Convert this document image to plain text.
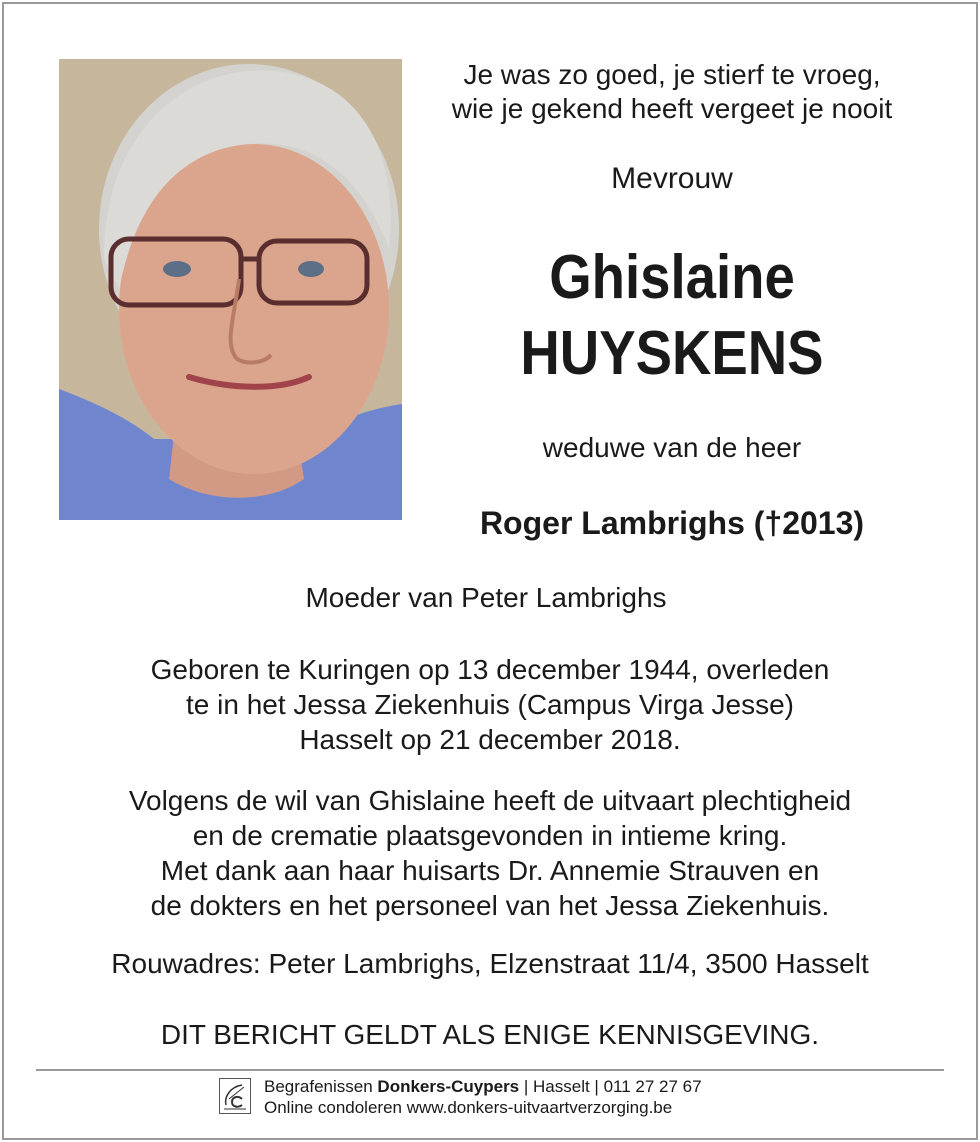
Je was zo goed, je stierf te vroeg,
wie je gekend heeft vergeet je nooit
Mevrouw
Ghislaine
HUYSKENS
weduwe van de heer
Roger Lambrighs (†2013)
Moeder van Peter Lambrighs
Geboren te Kuringen op 13 december 1944, overleden
te in het Jessa Ziekenhuis (Campus Virga Jesse)
Hasselt op 21 december 2018.
Volgens de wil van Ghislaine heeft de uitvaart plechtigheid
en de crematie plaatsgevonden in intieme kring.
Met dank aan haar huisarts Dr. Annemie Strauven en
de dokters en het personeel van het Jessa Ziekenhuis.
Rouwadres: Peter Lambrighs, Elzenstraat 11/4, 3500 Hasselt
DIT BERICHT GELDT ALS ENIGE KENNISGEVING.
Begrafenissen Donkers-Cuypers | Hasselt | 011 27 27 67
Online condoleren www.donkers-uitvaartverzorging.be
